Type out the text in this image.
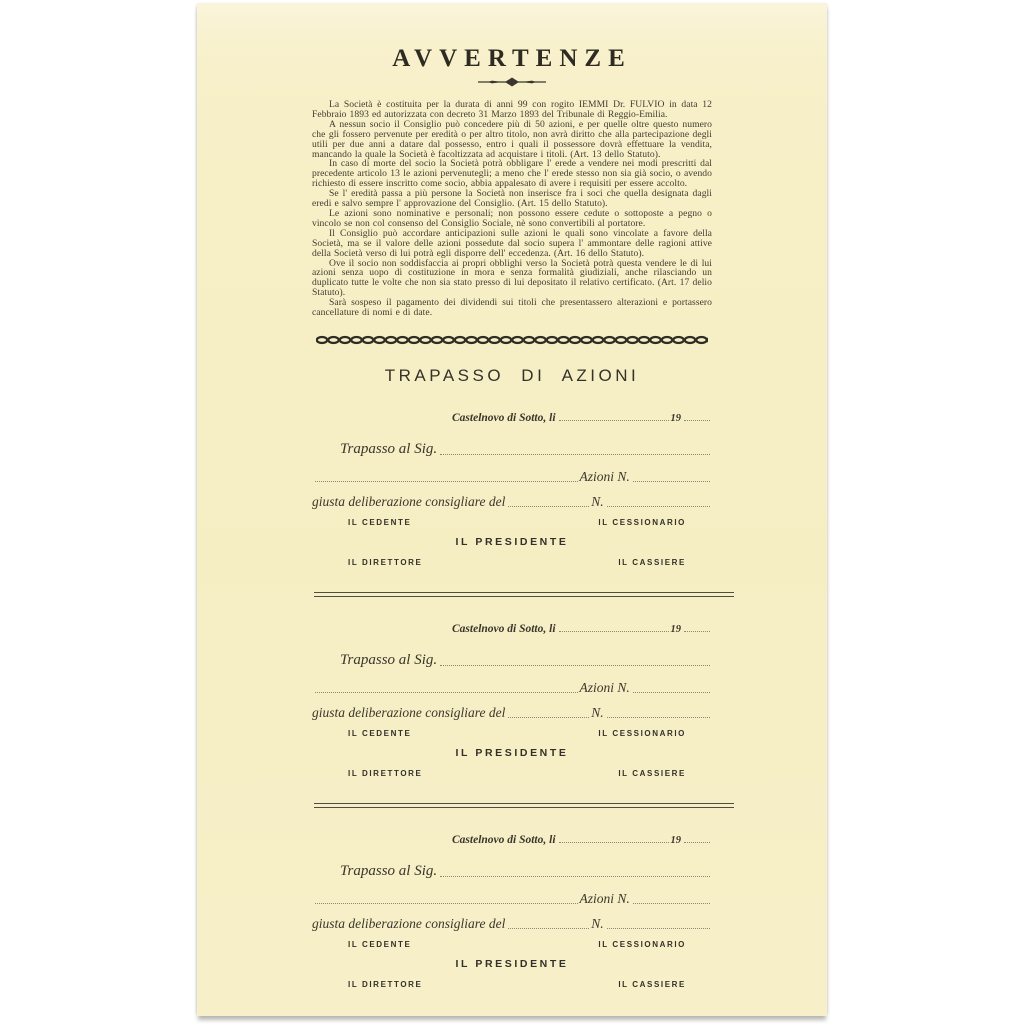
AVVERTENZE

La Società è costituita per la durata di anni 99 con rogito IEMMI Dr. FULVIO in data 12 Febbraio 1893 ed autorizzata con decreto 31 Marzo 1893 del Tribunale di Reggio-Emilia.

A nessun socio il Consiglio può concedere più di 50 azioni, e per quelle oltre questo numero che gli fossero pervenute per eredità o per altro titolo, non avrà diritto che alla partecipazione degli utili per due anni a datare dal possesso, entro i quali il possessore dovrà effettuare la vendita, mancando la quale la Società è facoltizzata ad acquistare i titoli. (Art. 13 dello Statuto).

In caso di morte del socio la Società potrà obbligare l' erede a vendere nei modi prescritti dal precedente articolo 13 le azioni pervenutegli; a meno che l' erede stesso non sia già socio, o avendo richiesto di essere inscritto come socio, abbia appalesato di avere i requisiti per essere accolto.

Se l' eredità passa a più persone la Società non inserisce fra i soci che quella designata dagli eredi e salvo sempre l' approvazione del Consiglio. (Art. 15 dello Statuto).

Le azioni sono nominative e personali; non possono essere cedute o sottoposte a pegno o vincolo se non col consenso del Consiglio Sociale, nè sono convertibili al portatore.

Il Consiglio può accordare anticipazioni sulle azioni le quali sono vincolate a favore della Società, ma se il valore delle azioni possedute dal socio supera l' ammontare delle ragioni attive della Società verso di lui potrà egli disporre dell' eccedenza. (Art. 16 dello Statuto).

Ove il socio non soddisfaccia ai propri obblighi verso la Società potrà questa vendere le di lui azioni senza uopo di costituzione in mora e senza formalità giudiziali, anche rilasciando un duplicato tutte le volte che non sia stato presso di lui depositato il relativo certificato. (Art. 17 delio Statuto).

Sarà sospeso il pagamento dei dividendi sui titoli che presentassero alterazioni e portassero cancellature di nomi e di date.

TRAPASSO DI AZIONI
Castelnovo di Sotto, li	19
Trapasso al Sig.
Azioni N.
giusta deliberazione consigliare del	N.
IL CEDENTE	IL CESSIONARIO
IL PRESIDENTE
IL DIRETTORE	IL CASSIERE
Castelnovo di Sotto, li	19
Trapasso al Sig.
Azioni N.
giusta deliberazione consigliare del	N.
IL CEDENTE	IL CESSIONARIO
IL PRESIDENTE
IL DIRETTORE	IL CASSIERE
Castelnovo di Sotto, li	19
Trapasso al Sig.
Azioni N.
giusta deliberazione consigliare del	N.
IL CEDENTE	IL CESSIONARIO
IL PRESIDENTE
IL DIRETTORE	IL CASSIERE
